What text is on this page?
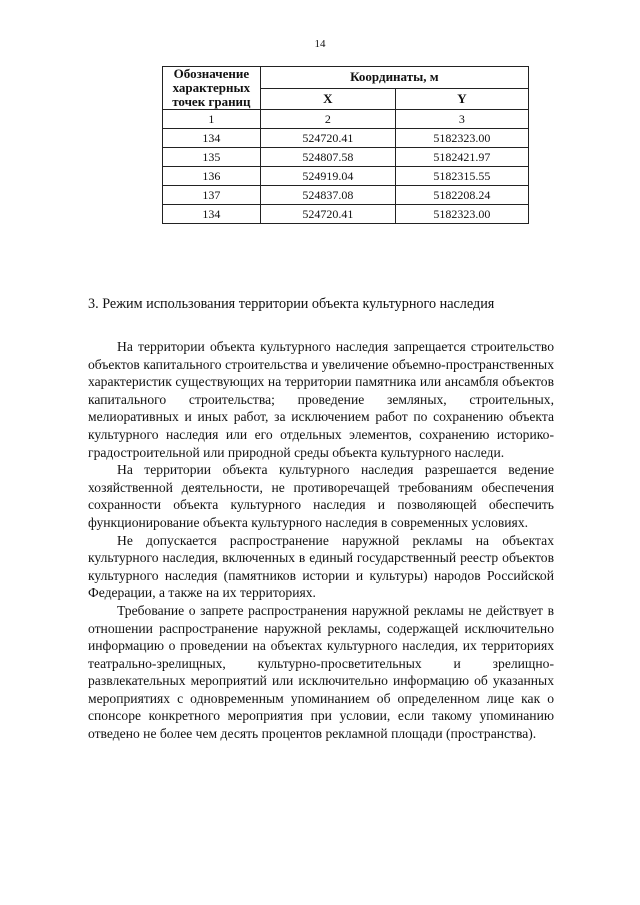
14
Обозначение характерных точек границ	Координаты, м	
	X	Y
1	2	3
134	524720.41	5182323.00
135	524807.58	5182421.97
136	524919.04	5182315.55
137	524837.08	5182208.24
134	524720.41	5182323.00
3. Режим использования территории объекта культурного наследия

На территории объекта культурного наследия запрещается строительство объектов капитального строительства и увеличение объемно-пространственных характеристик существующих на территории памятника или ансамбля объектов капитального строительства; проведение земляных, строительных, мелиоративных и иных работ, за исключением работ по сохранению объекта культурного наследия или его отдельных элементов, сохранению историко-градостроительной или природной среды объекта культурного наследи.

На территории объекта культурного наследия разрешается ведение хозяйственной деятельности, не противоречащей требованиям обеспечения сохранности объекта культурного наследия и позволяющей обеспечить функционирование объекта культурного наследия в современных условиях.

Не допускается распространение наружной рекламы на объектах культурного наследия, включенных в единый государственный реестр объектов культурного наследия (памятников истории и культуры) народов Российской Федерации, а также на их территориях.

Требование о запрете распространения наружной рекламы не действует в отношении распространение наружной рекламы, содержащей исключительно информацию о проведении на объектах культурного наследия, их территориях театрально-зрелищных, культурно-просветительных и зрелищно-развлекательных мероприятий или исключительно информацию об указанных мероприятиях с одновременным упоминанием об определенном лице как о спонсоре конкретного мероприятия при условии, если такому упоминанию отведено не более чем десять процентов рекламной площади (пространства).
